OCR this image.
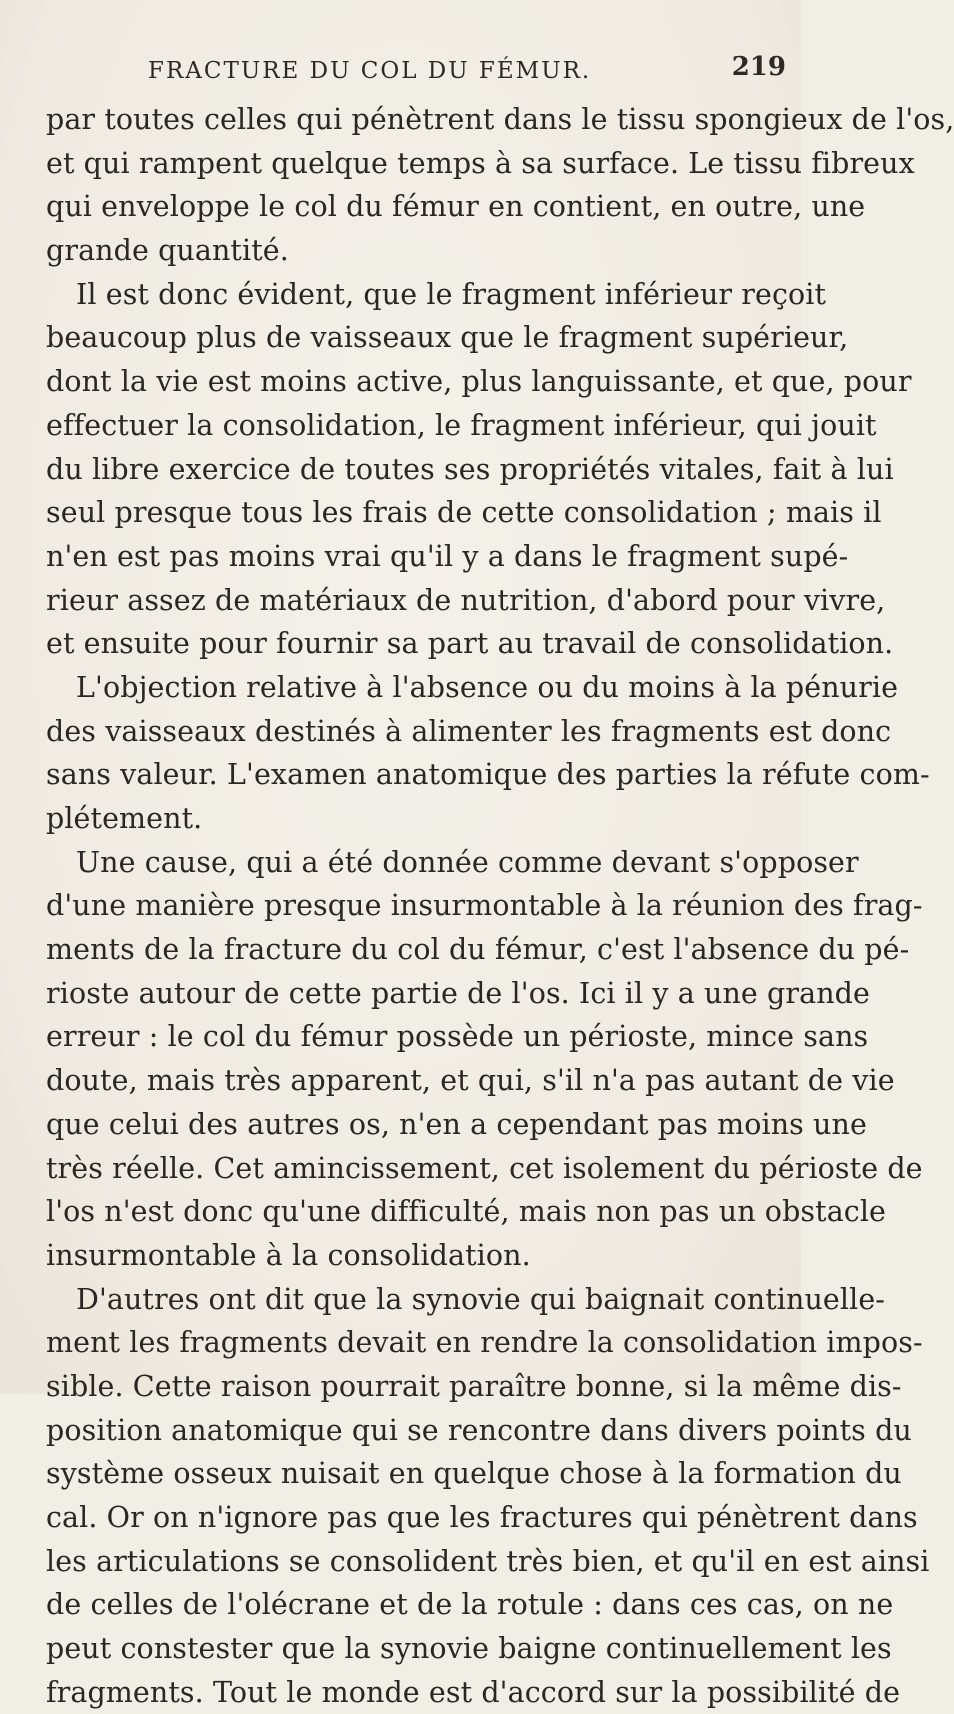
FRACTURE DU COL DU FÉMUR.	219
par toutes celles qui pénètrent dans le tissu spongieux de l'os,
et qui rampent quelque temps à sa surface. Le tissu fibreux
qui enveloppe le col du fémur en contient, en outre, une
grande quantité.
Il est donc évident, que le fragment inférieur reçoit
beaucoup plus de vaisseaux que le fragment supérieur,
dont la vie est moins active, plus languissante, et que, pour
effectuer la consolidation, le fragment inférieur, qui jouit
du libre exercice de toutes ses propriétés vitales, fait à lui
seul presque tous les frais de cette consolidation ; mais il
n'en est pas moins vrai qu'il y a dans le fragment supé-
rieur assez de matériaux de nutrition, d'abord pour vivre,
et ensuite pour fournir sa part au travail de consolidation.
L'objection relative à l'absence ou du moins à la pénurie
des vaisseaux destinés à alimenter les fragments est donc
sans valeur. L'examen anatomique des parties la réfute com-
plétement.
Une cause, qui a été donnée comme devant s'opposer
d'une manière presque insurmontable à la réunion des frag-
ments de la fracture du col du fémur, c'est l'absence du pé-
rioste autour de cette partie de l'os. Ici il y a une grande
erreur : le col du fémur possède un périoste, mince sans
doute, mais très apparent, et qui, s'il n'a pas autant de vie
que celui des autres os, n'en a cependant pas moins une
très réelle. Cet amincissement, cet isolement du périoste de
l'os n'est donc qu'une difficulté, mais non pas un obstacle
insurmontable à la consolidation.
D'autres ont dit que la synovie qui baignait continuelle-
ment les fragments devait en rendre la consolidation impos-
sible. Cette raison pourrait paraître bonne, si la même dis-
position anatomique qui se rencontre dans divers points du
système osseux nuisait en quelque chose à la formation du
cal. Or on n'ignore pas que les fractures qui pénètrent dans
les articulations se consolident très bien, et qu'il en est ainsi
de celles de l'olécrane et de la rotule : dans ces cas, on ne
peut constester que la synovie baigne continuellement les
fragments. Tout le monde est d'accord sur la possibilité de
